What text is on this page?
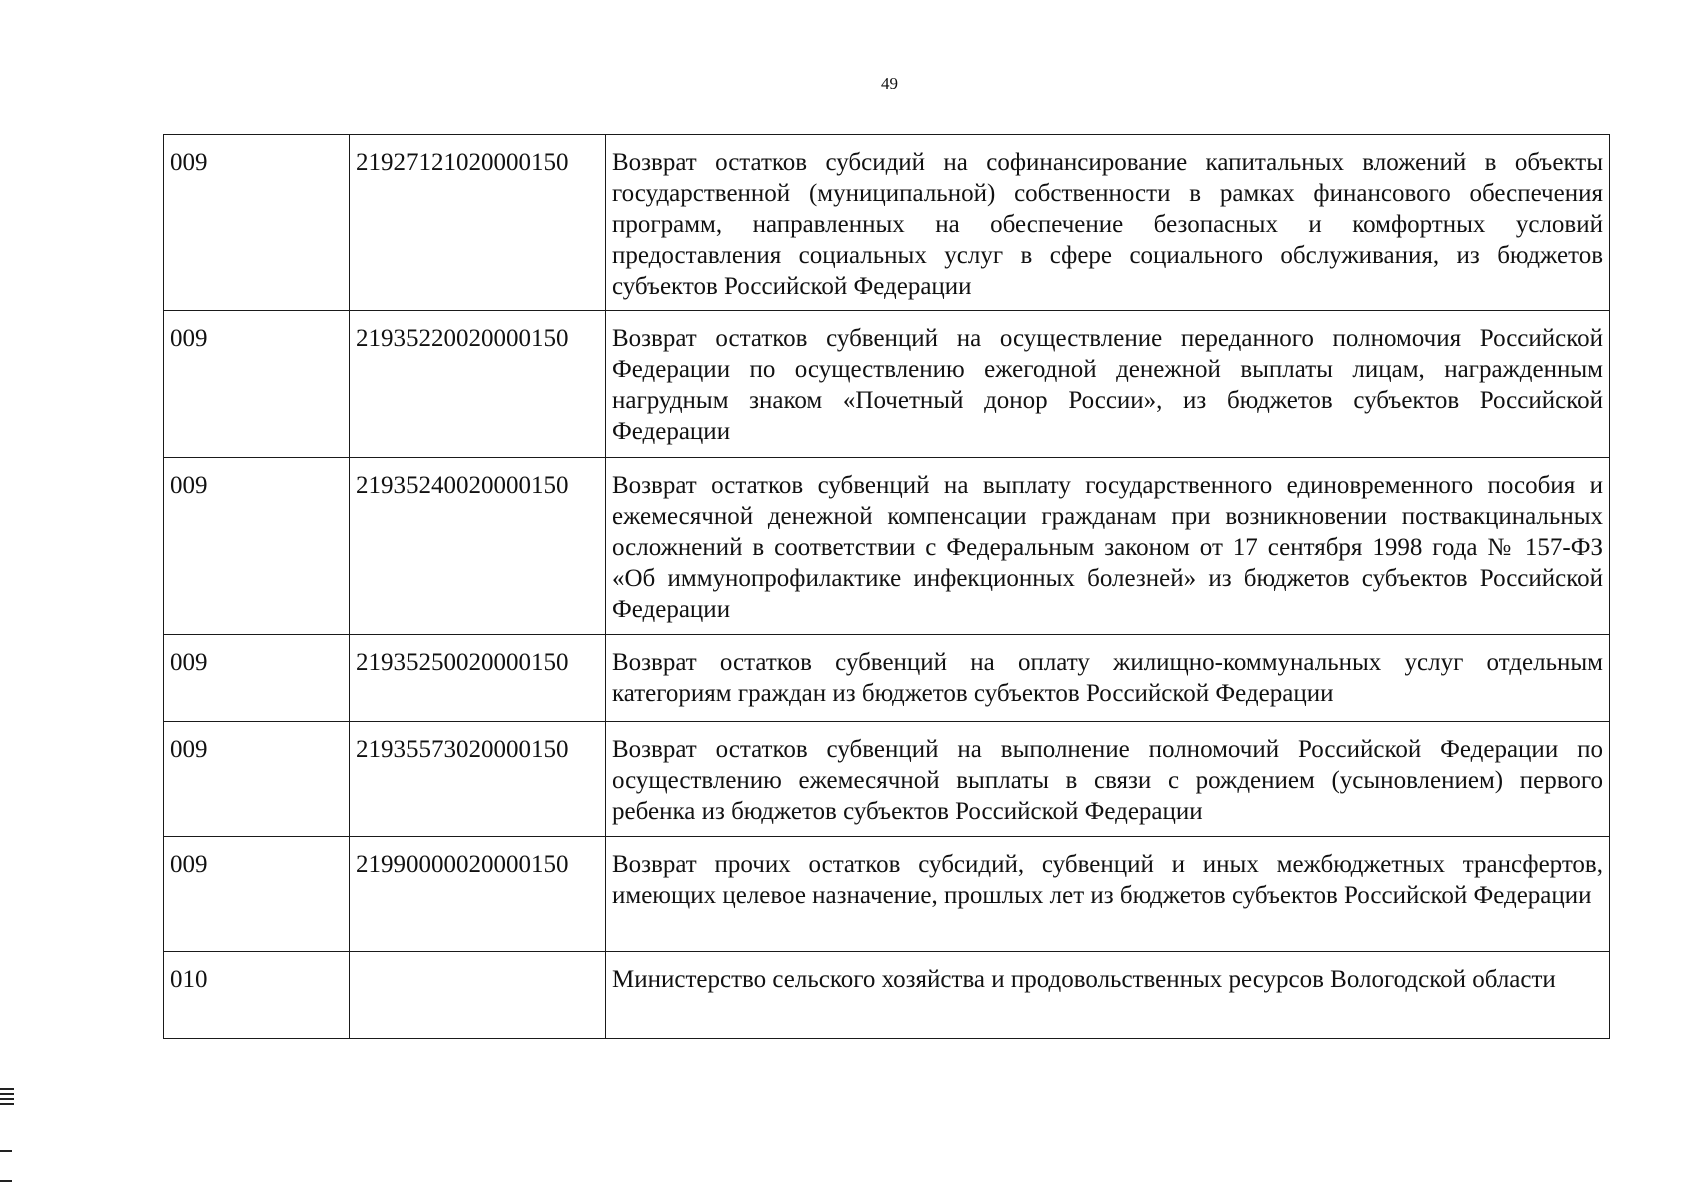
49
009	21927121020000150	Возврат остатков субсидий на софинансирование капитальных вложений в объекты государственной (муниципальной) собственности в рамках финансового обеспечения программ, направленных на обеспечение безопасных и комфортных условий предоставления социальных услуг в сфере социального обслуживания, из бюджетов субъектов Российской Федерации
009	21935220020000150	Возврат остатков субвенций на осуществление переданного полномочия Российской Федерации по осуществлению ежегодной денежной выплаты лицам, награжденным нагрудным знаком «Почетный донор России», из бюджетов субъектов Российской Федерации
009	21935240020000150	Возврат остатков субвенций на выплату государственного единовременного пособия и ежемесячной денежной компенсации гражданам при возникновении поствакцинальных осложнений в соответствии с Федеральным законом от 17 сентября 1998 года № 157-ФЗ «Об иммунопрофилактике инфекционных болезней» из бюджетов субъектов Российской Федерации
009	21935250020000150	Возврат остатков субвенций на оплату жилищно-коммунальных услуг отдельным категориям граждан из бюджетов субъектов Российской Федерации
009	21935573020000150	Возврат остатков субвенций на выполнение полномочий Российской Федерации по осуществлению ежемесячной выплаты в связи с рождением (усыновлением) первого ребенка из бюджетов субъектов Российской Федерации
009	21990000020000150	Возврат прочих остатков субсидий, субвенций и иных межбюджетных трансфертов, имеющих целевое назначение, прошлых лет из бюджетов субъектов Российской Федерации
010		Министерство сельского хозяйства и продовольственных ресурсов Вологодской области
